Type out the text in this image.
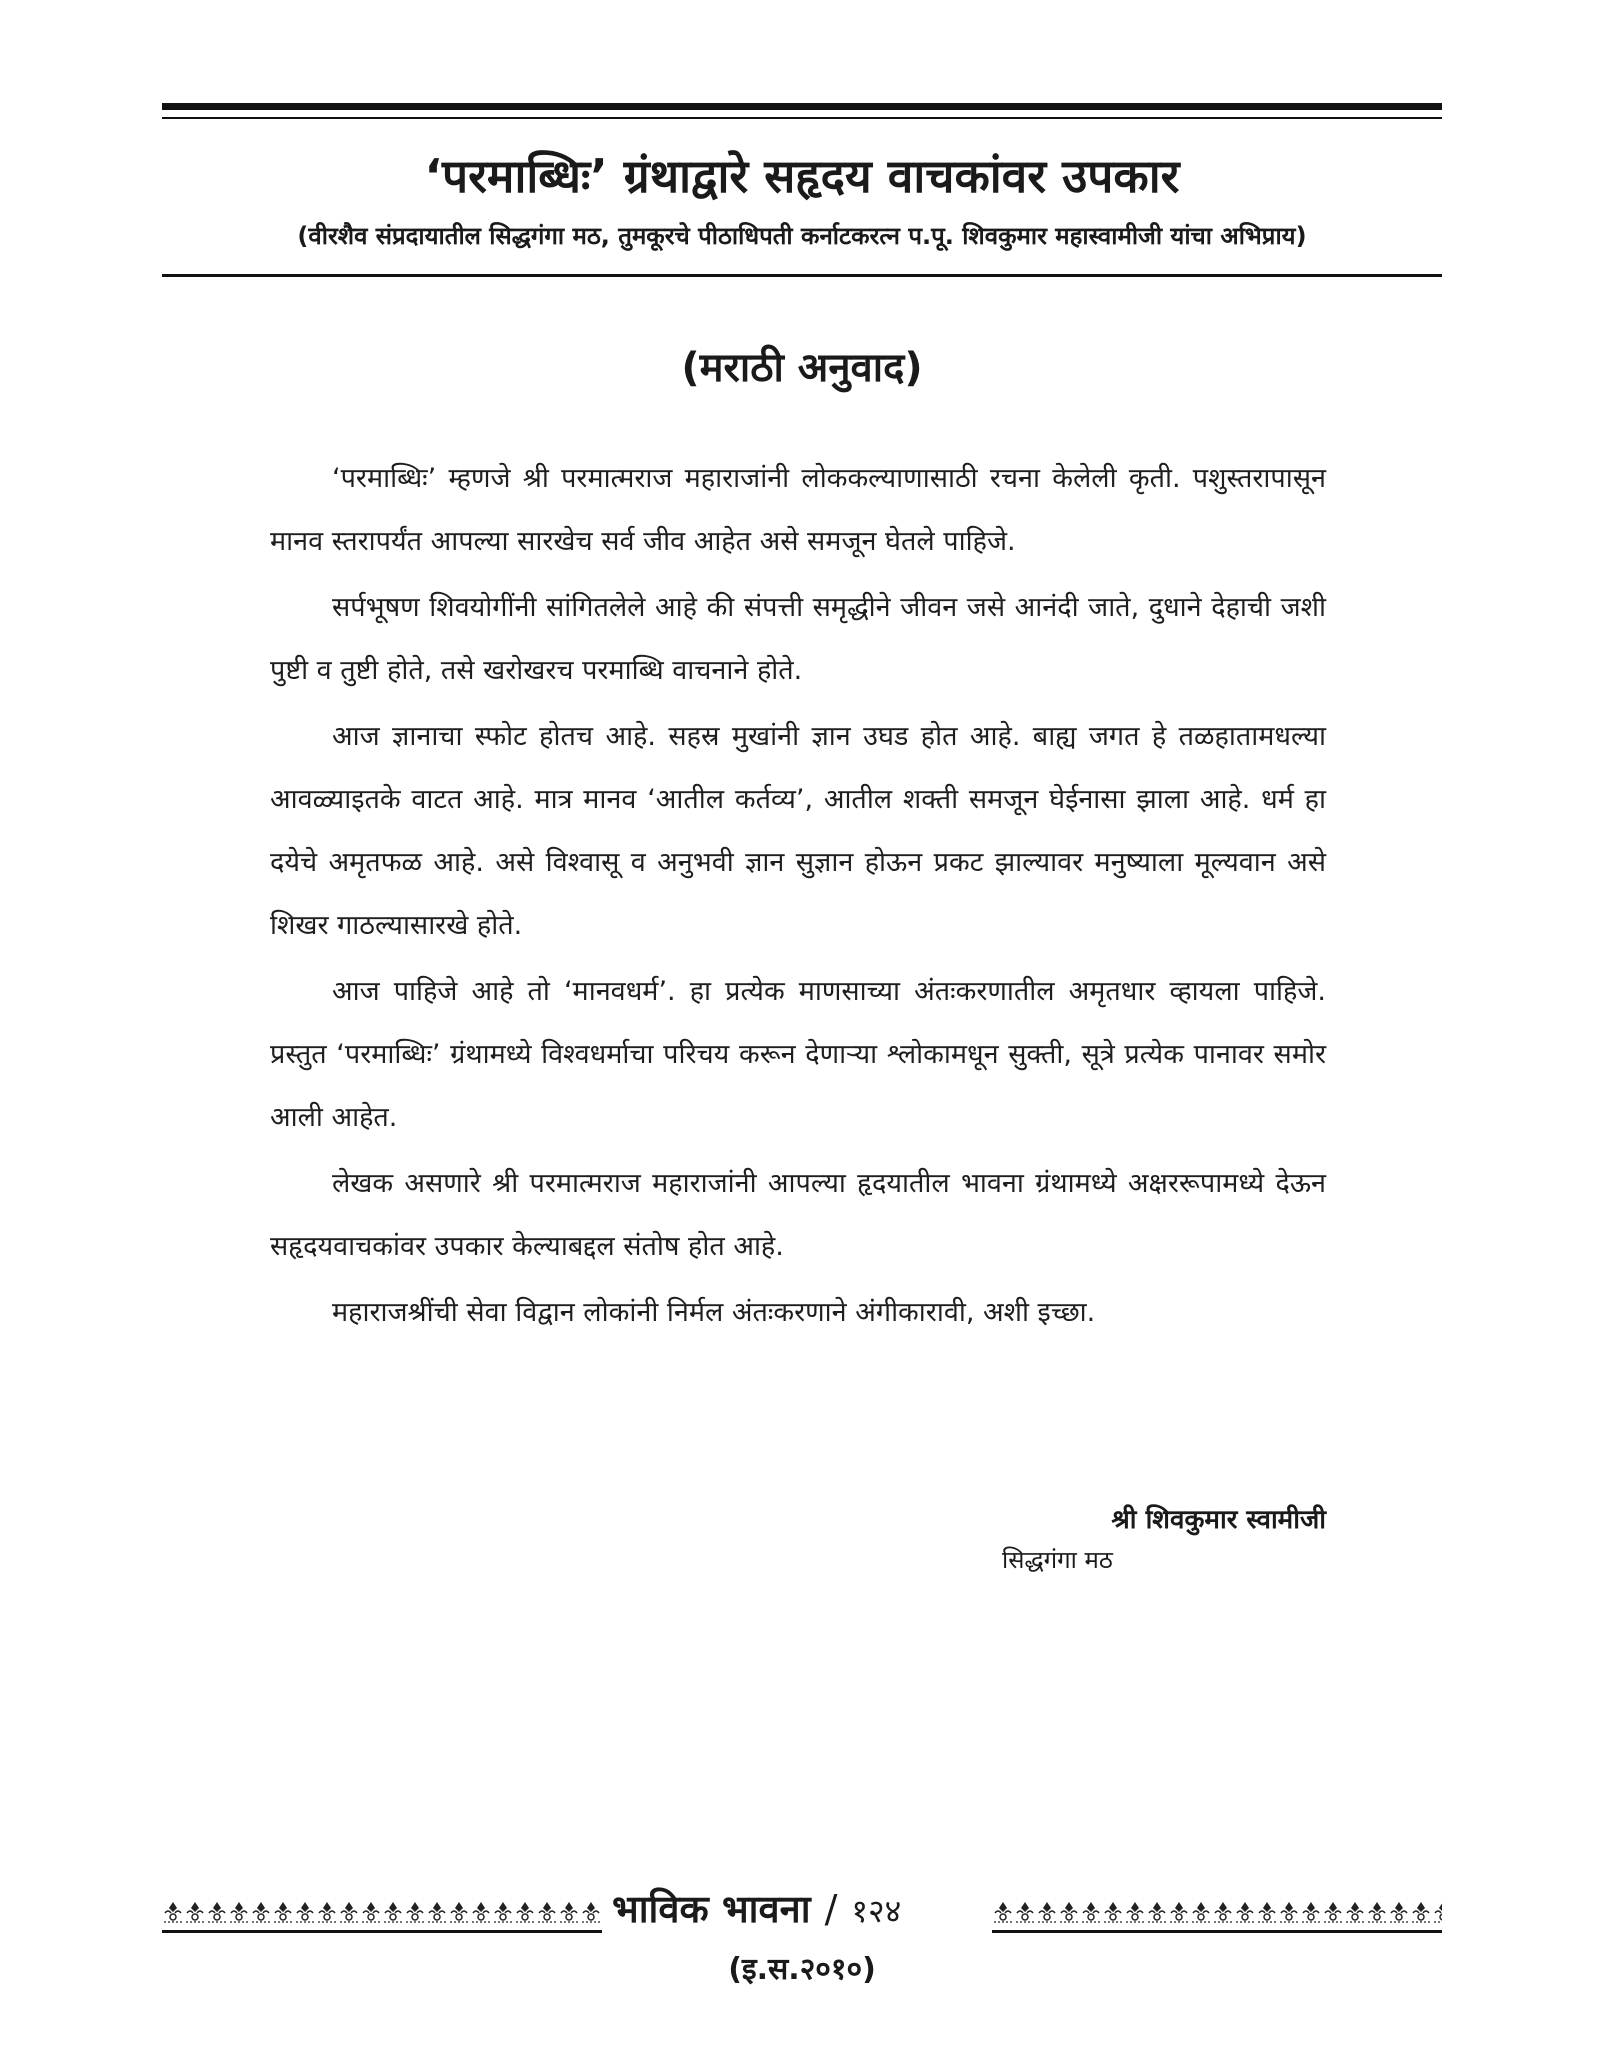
‘परमाब्धिः’ ग्रंथाद्वारे सहृदय वाचकांवर उपकार
(वीरशैव संप्रदायातील सिद्धगंगा मठ, तुमकूरचे पीठाधिपती कर्नाटकरत्न प.पू. शिवकुमार महास्वामीजी यांचा अभिप्राय)
(मराठी अनुवाद)

‘परमाब्धिः’ म्हणजे श्री परमात्मराज महाराजांनी लोककल्याणासाठी रचना केलेली कृती. पशुस्तरापासून मानव स्तरापर्यंत आपल्या सारखेच सर्व जीव आहेत असे समजून घेतले पाहिजे.

सर्पभूषण शिवयोगींनी सांगितलेले आहे की संपत्ती समृद्धीने जीवन जसे आनंदी जाते, दुधाने देहाची जशी पुष्टी व तुष्टी होते, तसे खरोखरच परमाब्धि वाचनाने होते.

आज ज्ञानाचा स्फोट होतच आहे. सहस्र मुखांनी ज्ञान उघड होत आहे. बाह्य जगत हे तळहातामधल्या आवळ्याइतके वाटत आहे. मात्र मानव ‘आतील कर्तव्य’, आतील शक्ती समजून घेईनासा झाला आहे. धर्म हा दयेचे अमृतफळ आहे. असे विश्वासू व अनुभवी ज्ञान सुज्ञान होऊन प्रकट झाल्यावर मनुष्याला मूल्यवान असे शिखर गाठल्यासारखे होते.

आज पाहिजे आहे तो ‘मानवधर्म’. हा प्रत्येक माणसाच्या अंतःकरणातील अमृतधार व्हायला पाहिजे. प्रस्तुत ‘परमाब्धिः’ ग्रंथामध्ये विश्वधर्माचा परिचय करून देणाऱ्या श्लोकामधून सुक्ती, सूत्रे प्रत्येक पानावर समोर आली आहेत.

लेखक असणारे श्री परमात्मराज महाराजांनी आपल्या हृदयातील भावना ग्रंथामध्ये अक्षररूपामध्ये देऊन सहृदयवाचकांवर उपकार केल्याबद्दल संतोष होत आहे.

महाराजश्रींची सेवा विद्वान लोकांनी निर्मल अंतःकरणाने अंगीकारावी, अशी इच्छा.

श्री शिवकुमार स्वामीजी
सिद्धगंगा मठ
भाविक भावना / १२४
(इ.स.२०१०)
